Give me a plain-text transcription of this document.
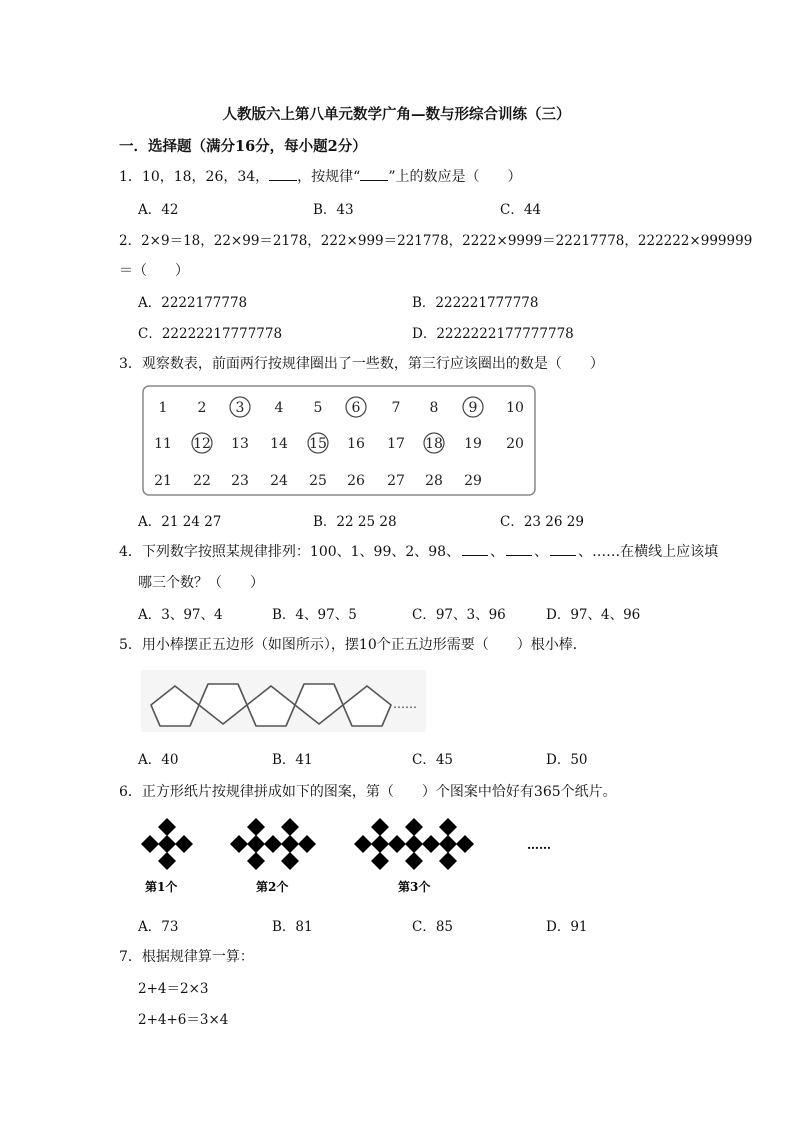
人教版六上第八单元数学广角—数与形综合训练（三）
一．选择题（满分16分，每小题2分）
1．10，18，26，34， ，按规律“ ”上的数应是（　　）
A．42	B．43	C．44
2．2×9＝18，22×99＝2178，222×999＝221778，2222×9999＝22217778，222222×999999
＝（　　）
A．2222177778	B．222221777778
C．22222217777778	D．2222222177777778
3．观察数表，前面两行按规律圈出了一些数，第三行应该圈出的数是（　　）
1 2 3 4 5 6 7 8 9 10
11 12 13 14 15 16 17 18 19 20
21 22 23 24 25 26 27 28 29
A．21 24 27	B．22 25 28	C．23 26 29
4．下列数字按照某规律排列：100、1、99、2、98、 、 、 、……在横线上应该填
哪三个数？（　　）
A．3、97、4	B．4、97、5	C．97、3、96	D．97、4、96
5．用小棒摆正五边形（如图所示），摆10个正五边形需要（　　）根小棒．
……
A．40	B．41	C．45	D．50
6．正方形纸片按规律拼成如下的图案，第（　　）个图案中恰好有365个纸片。
……
第1个	第2个	第3个
A．73	B．81	C．85	D．91
7．根据规律算一算：
2+4＝2×3
2+4+6＝3×4
